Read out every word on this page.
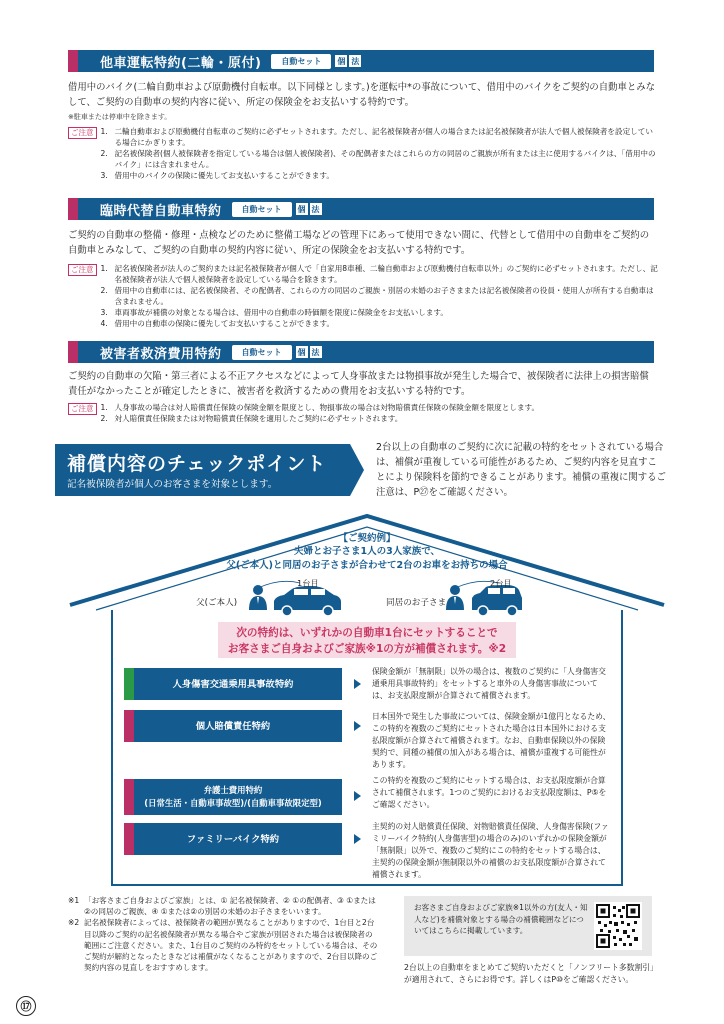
他車運転特約(二輪・原付)	自動セット	個 法

借用中のバイク(二輪自動車および原動機付自転車。以下同様とします。)を運転中*の事故について、借用中のバイクをご契約の自動車とみなして、ご契約の自動車の契約内容に従い、所定の保険金をお支払いする特約です。

※駐車または停車中を除きます。

ご注意 1. 二輪自動車および原動機付自転車のご契約に必ずセットされます。ただし、記名被保険者が個人の場合または記名被保険者が法人で個人被保険者を設定している場合にかぎります。
2. 記名被保険者(個人被保険者を指定している場合は個人被保険者)、その配偶者またはこれらの方の同居のご親族が所有または主に使用するバイクは、「借用中のバイク」には含まれません。
3. 借用中のバイクの保険に優先してお支払いすることができます。
臨時代替自動車特約	自動セット	個 法

ご契約の自動車の整備・修理・点検などのために整備工場などの管理下にあって使用できない間に、代替として借用中の自動車をご契約の自動車とみなして、ご契約の自動車の契約内容に従い、所定の保険金をお支払いする特約です。

ご注意 1. 記名被保険者が法人のご契約または記名被保険者が個人で「自家用8車種、二輪自動車および原動機付自転車以外」のご契約に必ずセットされます。ただし、記名被保険者が法人で個人被保険者を設定している場合を除きます。
2. 借用中の自動車には、記名被保険者、その配偶者、これらの方の同居のご親族・別居の未婚のお子さままたは記名被保険者の役員・使用人が所有する自動車は含まれません。
3. 車両事故が補償の対象となる場合は、借用中の自動車の時価額を限度に保険金をお支払いします。
4. 借用中の自動車の保険に優先してお支払いすることができます。
被害者救済費用特約	自動セット	個 法

ご契約の自動車の欠陥・第三者による不正アクセスなどによって人身事故または物損事故が発生した場合で、被保険者に法律上の損害賠償責任がなかったことが確定したときに、被害者を救済するための費用をお支払いする特約です。

ご注意 1. 人身事故の場合は対人賠償責任保険の保険金額を限度とし、物損事故の場合は対物賠償責任保険の保険金額を限度とします。
2. 対人賠償責任保険または対物賠償責任保険を適用したご契約に必ずセットされます。
補償内容のチェックポイント
記名被保険者が個人のお客さまを対象とします。

2台以上の自動車のご契約に次に記載の特約をセットされている場合は、補償が重複している可能性があるため、ご契約内容を見直すことにより保険料を節約できることがあります。補償の重複に関するご注意は、P㉗をご確認ください。

【ご契約例】
夫婦とお子さま1人の3人家族で、
父(ご本人)と同居のお子さまが合わせて2台のお車をお持ちの場合
父(ご本人)
1台目
同居のお子さま
2台目
次の特約は、いずれかの自動車1台にセットすることで
お客さまご自身およびご家族※1の方が補償されます。※2
人身傷害交通乗用具事故特約

保険金額が「無制限」以外の場合は、複数のご契約に「人身傷害交通乗用具事故特約」をセットすると車外の人身傷害事故については、お支払限度額が合算されて補償されます。

個人賠償責任特約

日本国外で発生した事故については、保険金額が1億円となるため、この特約を複数のご契約にセットされた場合は日本国外における支払限度額が合算されて補償されます。なお、自動車保険以外の保険契約で、同種の補償の加入がある場合は、補償が重複する可能性があります。

弁護士費用特約
(日常生活・自動車事故型)/(自動車事故限定型)

この特約を複数のご契約にセットする場合は、お支払限度額が合算されて補償されます。1つのご契約におけるお支払限度額は、P⑤をご確認ください。

ファミリーバイク特約

主契約の対人賠償責任保険、対物賠償責任保険、人身傷害保険(ファミリーバイク特約(人身傷害型)の場合のみ)のいずれかの保険金額が「無制限」以外で、複数のご契約にこの特約をセットする場合は、主契約の保険金額が無制限以外の補償のお支払限度額が合算されて補償されます。

※1 「お客さまご自身およびご家族」とは、① 記名被保険者、② ①の配偶者、③ ①または②の同居のご親族、④ ①または②の別居の未婚のお子さまをいいます。
※2 記名被保険者によっては、被保険者の範囲が異なることがありますので、1台目と2台目以降のご契約の記名被保険者が異なる場合やご家族が別居された場合は被保険者の範囲にご注意ください。また、1台目のご契約のみ特約をセットしている場合は、そのご契約が解約となったときなどは補償がなくなることがありますので、2台目以降のご契約内容の見直しをおすすめします。

お客さまご自身およびご家族※1以外の方(友人・知人など)を補償対象とする場合の補償範囲などについてはこちらに掲載しています。

2台以上の自動車をまとめてご契約いただくと「ノンフリート多数割引」が適用されて、さらにお得です。詳しくはP⑩をご確認ください。

⑰
